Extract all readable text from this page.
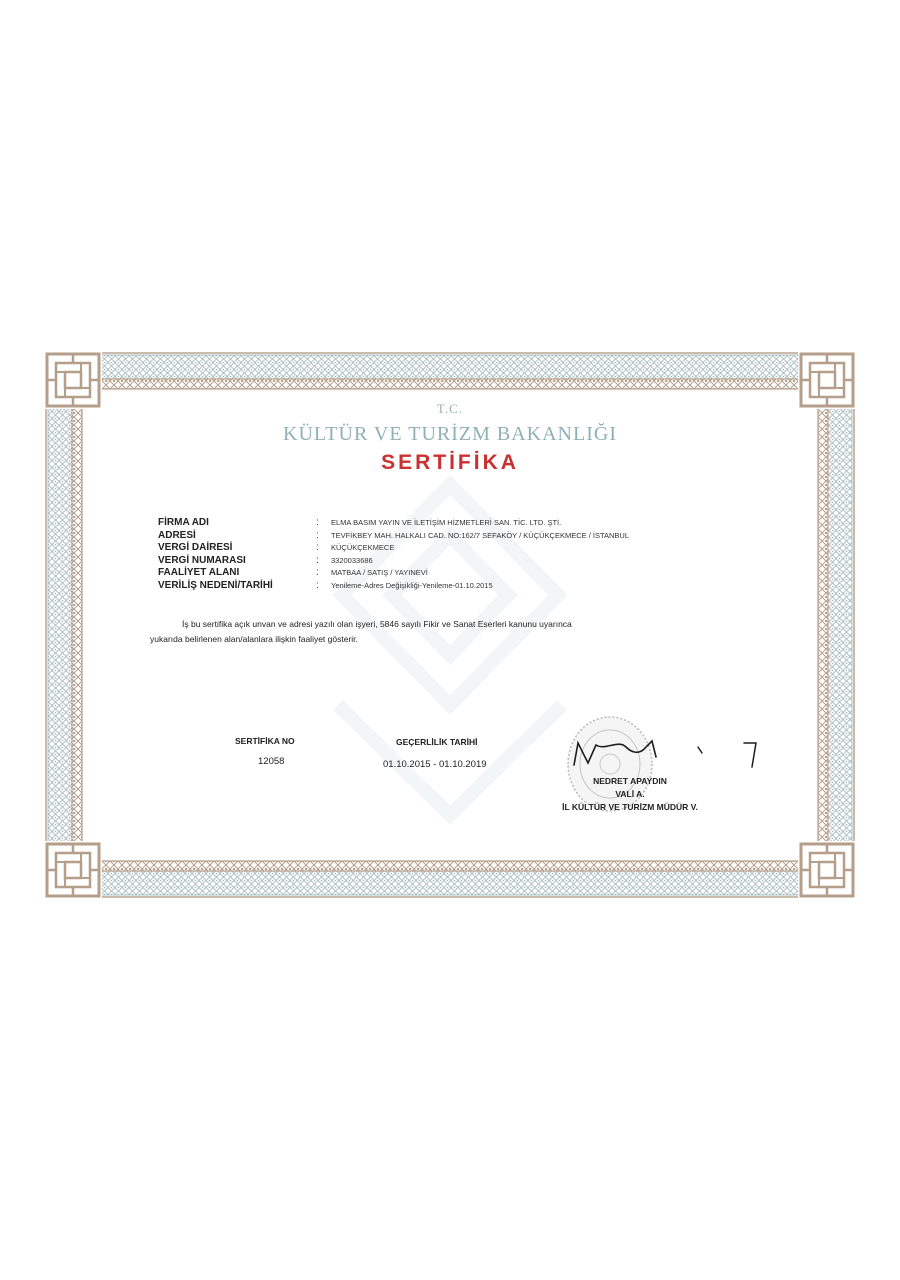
T.C.
KÜLTÜR VE TURİZM BAKANLIĞI
SERTİFİKA
FİRMA ADI	: ELMA BASIM YAYIN VE İLETİŞİM HİZMETLERİ SAN. TİC. LTD. ŞTİ.
ADRESİ	: TEVFİKBEY MAH. HALKALI CAD. NO:162/7 SEFAKÖY / KÜÇÜKÇEKMECE / İSTANBUL
VERGİ DAİRESİ	: KÜÇÜKÇEKMECE
VERGİ NUMARASI	: 3320033686
FAALİYET ALANI	: MATBAA / SATIŞ / YAYINEVİ
VERİLİŞ NEDENİ/TARİHİ	: Yenileme-Adres Değişikliği-Yenileme-01.10.2015

İş bu sertifika açık unvan ve adresi yazılı olan işyeri, 5846 sayılı Fikir ve Sanat Eserleri kanunu uyarınca

yukarıda belirlenen alan/alanlara ilişkin faaliyet gösterir.

SERTİFİKA NO
12058
GEÇERLİLİK TARİHİ
01.10.2015 - 01.10.2019
NEDRET APAYDIN
VALİ A.
İL KÜLTÜR VE TURİZM MÜDÜR V.
